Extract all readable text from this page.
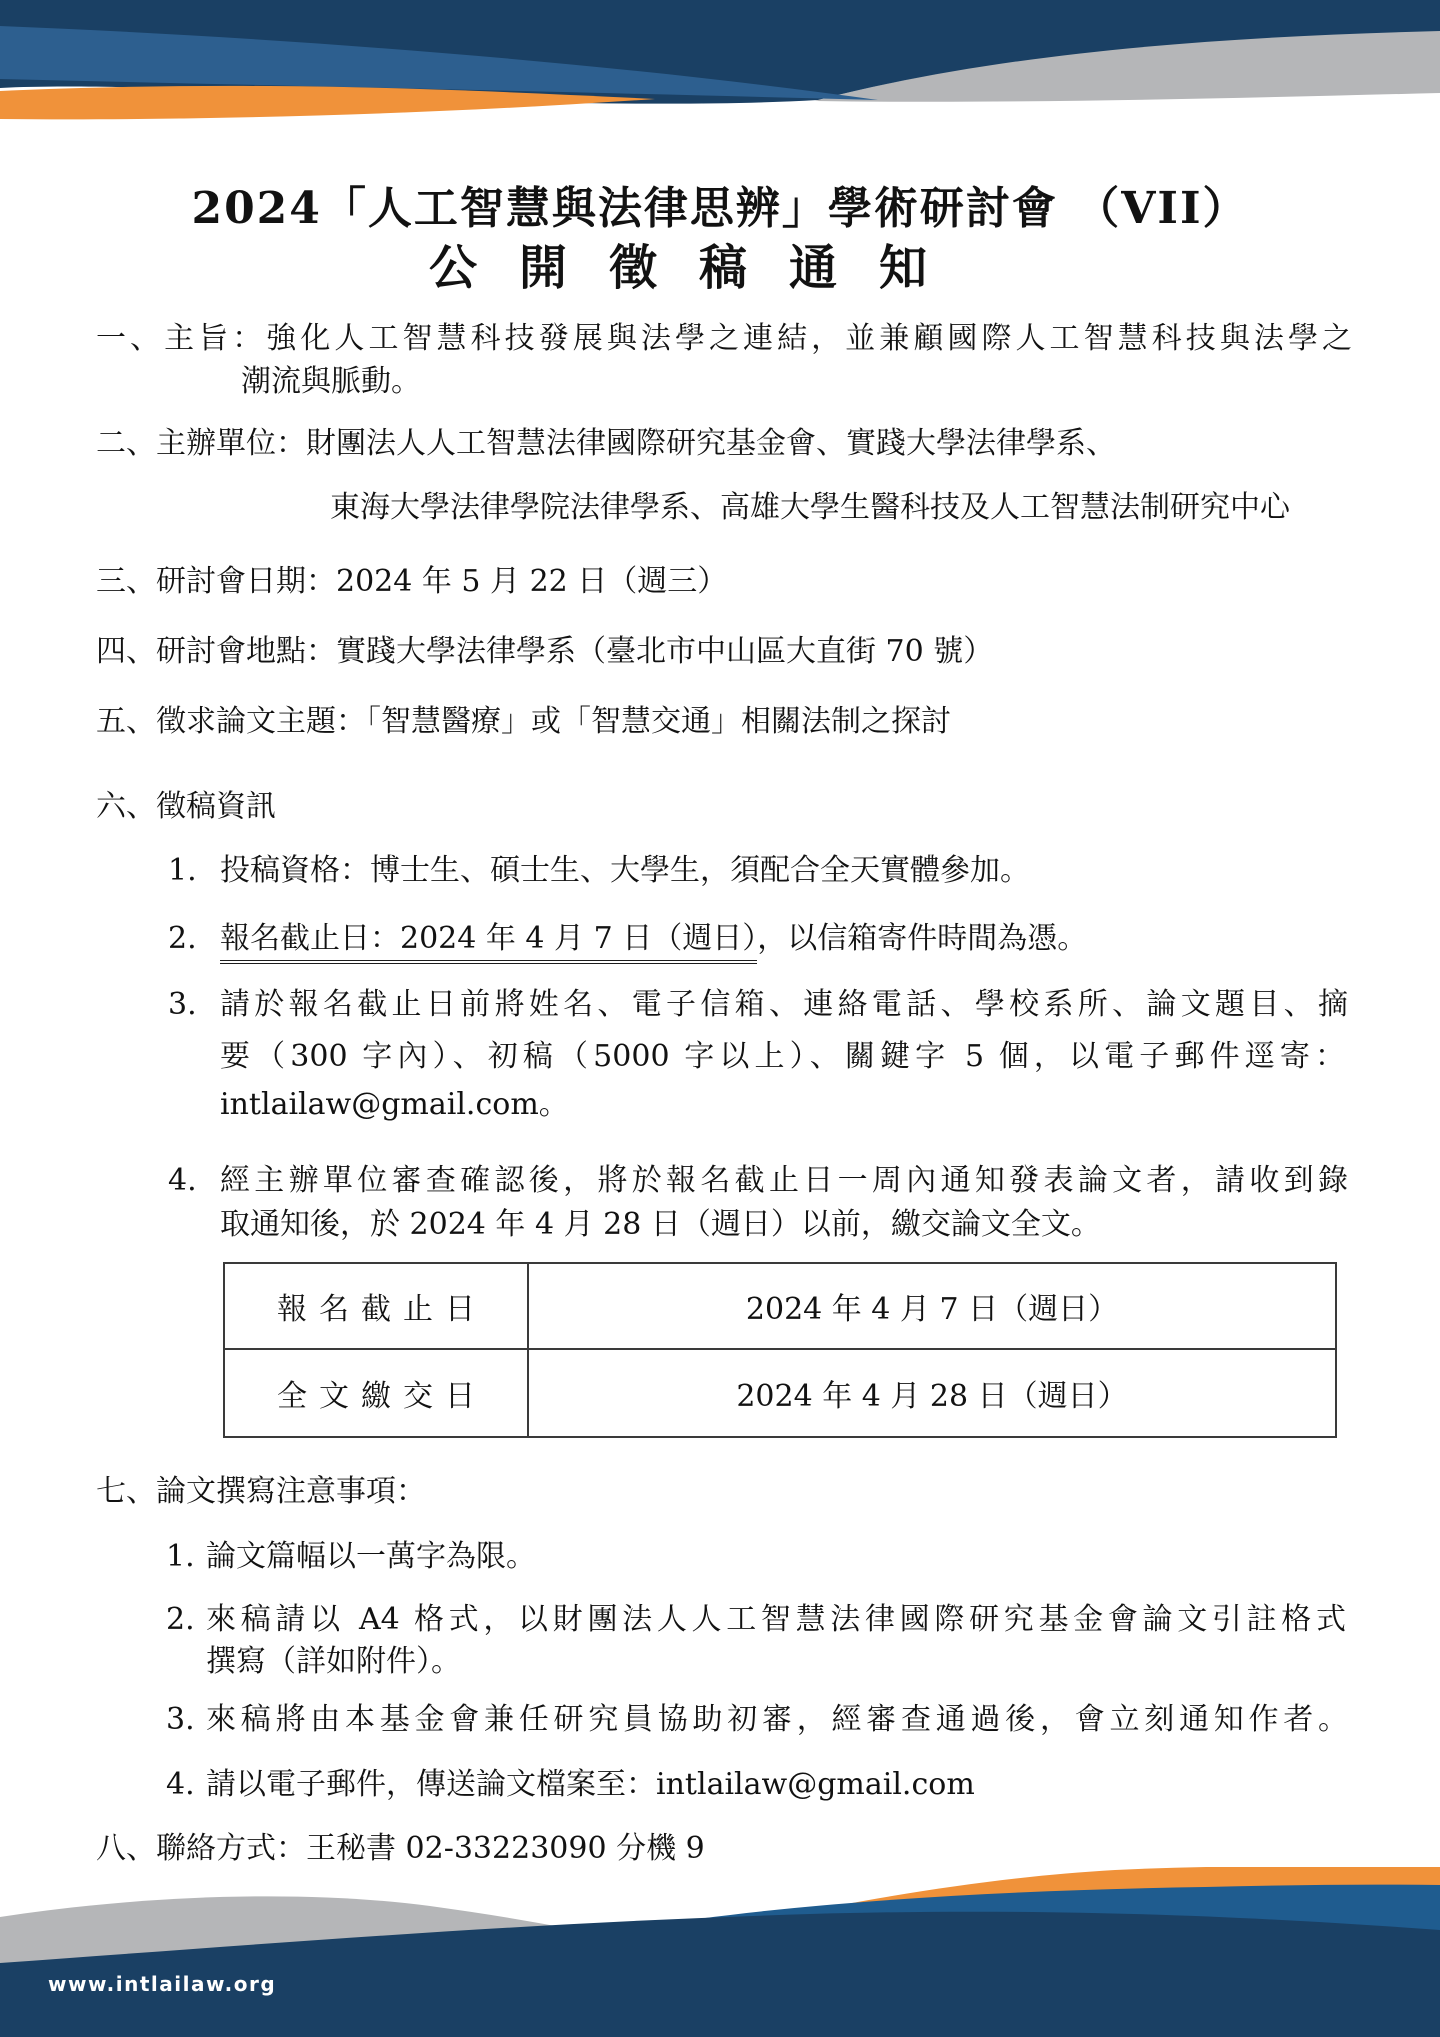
2024「人工智慧與法律思辨」學術研討會 （VII）
公開徵稿通知
一、主旨：強化人工智慧科技發展與法學之連結，並兼顧國際人工智慧科技與法學之
潮流與脈動。
二、主辦單位：財團法人人工智慧法律國際研究基金會、實踐大學法律學系、
東海大學法律學院法律學系、高雄大學生醫科技及人工智慧法制研究中心
三、研討會日期：2024 年 5 月 22 日（週三）
四、研討會地點：實踐大學法律學系（臺北市中山區大直街 70 號）
五、徵求論文主題：「智慧醫療」或「智慧交通」相關法制之探討
六、徵稿資訊
1. 投稿資格：博士生、碩士生、大學生，須配合全天實體參加。
2. 報名截止日：2024 年 4 月 7 日（週日），以信箱寄件時間為憑。
3. 請於報名截止日前將姓名、電子信箱、連絡電話、學校系所、論文題目、摘
要（300 字內）、初稿（5000 字以上）、關鍵字 5 個，以電子郵件逕寄：
intlailaw@gmail.com。
4. 經主辦單位審查確認後，將於報名截止日一周內通知發表論文者，請收到錄
取通知後，於 2024 年 4 月 28 日（週日）以前，繳交論文全文。
報名截止日	2024 年 4 月 7 日（週日）
全文繳交日	2024 年 4 月 28 日（週日）
七、論文撰寫注意事項：
1. 論文篇幅以一萬字為限。
2. 來稿請以 A4 格式，以財團法人人工智慧法律國際研究基金會論文引註格式
撰寫（詳如附件）。
3. 來稿將由本基金會兼任研究員協助初審，經審查通過後，會立刻通知作者。
4. 請以電子郵件，傳送論文檔案至：intlailaw@gmail.com
八、聯絡方式：王秘書 02-33223090 分機 9
www.intlailaw.org
